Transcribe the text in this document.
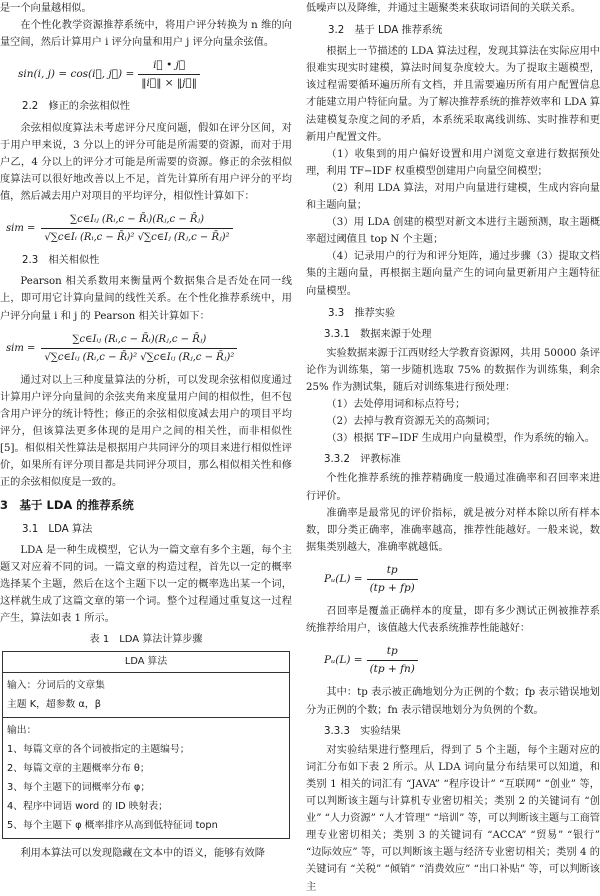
是一个向量越相似。

在个性化教学资源推荐系统中，将用户评分转换为 n 维的向量空间，然后计算用户 i 评分向量和用户 j 评分向量余弦值。

sin(i, j) = cos(i⃗, j⃗) = $\frac{i⃗ • j⃗}{‖i⃗‖ \times ‖j⃗‖}$
2.2　修正的余弦相似性

余弦相似度算法未考虑评分尺度问题，假如在评分区间，对于用户甲来说，3 分以上的评分可能是所需要的资源，而对于用户乙，4 分以上的评分才可能是所需要的资源。修正的余弦相似度算法可以很好地改善以上不足，首先计算所有用户评分的平均值，然后减去用户对项目的平均评分，相似性计算如下：

sim = $\frac{\text{∑c∈Iᵢⱼ (Rᵢ,c − R̄ᵢ)(Rⱼ,c − R̄ⱼ)}}{\text{√∑c∈Iᵢ (Rᵢ,c − R̄ᵢ)² √∑c∈Iⱼ (Rⱼ,c − R̄ⱼ)²}}$
2.3　相关相似性

Pearson 相关系数用来衡量两个数据集合是否处在同一线上，即可用它计算向量间的线性关系。在个性化推荐系统中，用户评分向量 i 和 j 的 Pearson 相关计算如下：

sim = $\frac{\text{∑c∈Iᵢⱼ (Rᵢ,c − R̄ᵢ)(Rⱼ,c − R̄ⱼ)}}{\text{√∑c∈Iᵢⱼ (Rᵢ,c − R̄ᵢ)² √∑c∈Iᵢⱼ (Rⱼ,c − R̄ⱼ)²}}$

通过对以上三种度量算法的分析，可以发现余弦相似度通过计算用户评分向量间的余弦夹角来度量用户间的相似性，但不包含用户评分的统计特性；修正的余弦相似度减去用户的项目平均评分，但该算法更多体现的是用户之间的相关性，而非相似性[5]。相似相关性算法是根据用户共同评分的项目来进行相似性评价，如果所有评分项目都是共同评分项目，那么相似相关性和修正的余弦相似度是一致的。

3　基于 LDA 的推荐系统
3.1　LDA 算法

LDA 是一种生成模型，它认为一篇文章有多个主题，每个主题又对应着不同的词。一篇文章的构造过程，首先以一定的概率选择某个主题，然后在这个主题下以一定的概率选出某一个词，这样就生成了这篇文章的第一个词。整个过程通过重复这一过程产生，算法如表 1 所示。

表 1　LDA 算法计算步骤
LDA 算法

输入：分词后的文章集
主题 K，超参数 α，β

输出：
1、每篇文章的各个词被指定的主题编号；
2、每篇文章的主题概率分布 θ；
3、每个主题下的词概率分布 φ；
4、程序中词语 word 的 ID 映射表；
5、每个主题下 φ 概率排序从高到低特征词 topn

利用本算法可以发现隐藏在文本中的语义，能够有效降

低噪声以及降维，并通过主题聚类来获取词语间的关联关系。

3.2　基于 LDA 推荐系统

根据上一节描述的 LDA 算法过程，发现其算法在实际应用中很难实现实时建模，算法时间复杂度较大。为了提取主题模型，该过程需要循环遍历所有文档，并且需要遍历所有用户配置信息才能建立用户特征向量。为了解决推荐系统的推荐效率和 LDA 算法建模复杂度之间的矛盾，本系统采取离线训练、实时推荐和更新用户配置文件。

（1）收集到的用户偏好设置和用户浏览文章进行数据预处理，利用 TF−IDF 权重模型创建用户向量空间模型；

（2）利用 LDA 算法，对用户向量进行建模，生成内容向量和主题向量；

（3）用 LDA 创建的模型对新文本进行主题预测，取主题概率超过阈值且 top N 个主题；

（4）记录用户的行为和评分矩阵，通过步骤（3）提取文档集的主题向量，再根据主题向量产生的词向量更新用户主题特征向量模型。

3.3　推荐实验
3.3.1　数据来源于处理

实验数据来源于江西财经大学教育资源网，共用 50000 条评论作为训练集，第一步随机选取 75% 的数据作为训练集，剩余 25% 作为测试集，随后对训练集进行预处理：

（1）去处停用词和标点符号；

（2）去掉与教育资源无关的高频词；

（3）根据 TF−IDF 生成用户向量模型，作为系统的输入。

3.3.2　评教标准

个性化推荐系统的推荐精确度一般通过准确率和召回率来进行评价。

准确率是最常见的评价指标，就是被分对样本除以所有样本数，即分类正确率，准确率越高，推荐性能越好。一般来说，数据集类别越大，准确率就越低。

Pᵤ(L) = $\frac{tp}{(tp + fp)}$

召回率是覆盖正确样本的度量，即有多少测试正例被推荐系统推荐给用户，该值越大代表系统推荐性能越好：

Pᵤ(L) = $\frac{tp}{(tp + fn)}$

其中：tp 表示被正确地划分为正例的个数；fp 表示错误地划分为正例的个数；fn 表示错误地划分为负例的个数。

3.3.3　实验结果

对实验结果进行整理后，得到了 5 个主题，每个主题对应的词汇分布如下表 2 所示。从 LDA 词向量分布结果可以知道，和类别 1 相关的词汇有 “JAVA” “程序设计” “互联网” “创业” 等，可以判断该主题与计算机专业密切相关；类别 2 的关键词有 “创业” “人力资源” “人才管理” “培训” 等，可以判断该主题与工商管理专业密切相关；类别 3 的关键词有 “ACCA” “贸易” “银行” “边际效应” 等，可以判断该主题与经济专业密切相关；类别 4 的关键词有 “关税” “倾销” “消费效应” “出口补贴” 等，可以判断该主
